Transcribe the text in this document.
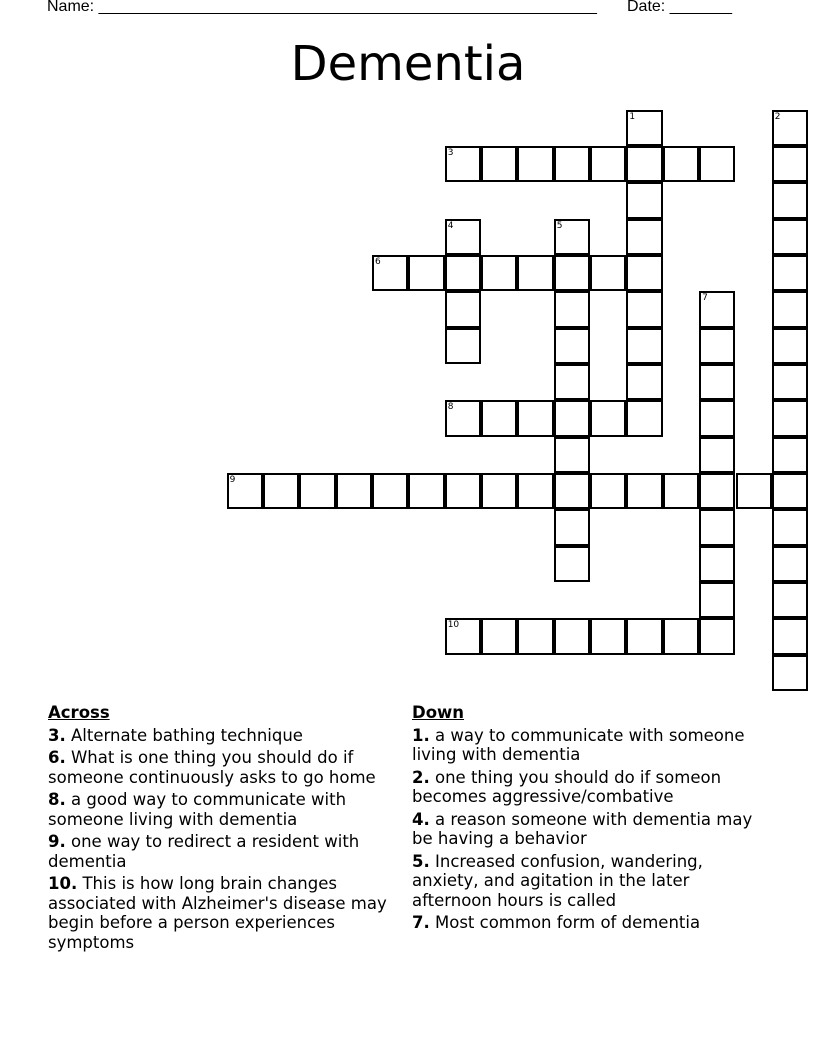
Name: ________________________________________________________ Date: _______
Dementia
1	2
3
4	5
6
7
8
9
10
Across
3. Alternate bathing technique
6. What is one thing you should do if someone continuously asks to go home
8. a good way to communicate with someone living with dementia
9. one way to redirect a resident with dementia
10. This is how long brain changes associated with Alzheimer's disease may begin before a person experiences symptoms
Down
1. a way to communicate with someone living with dementia
2. one thing you should do if someon becomes aggressive/combative
4. a reason someone with dementia may be having a behavior
5. Increased confusion, wandering, anxiety, and agitation in the later afternoon hours is called
7. Most common form of dementia
